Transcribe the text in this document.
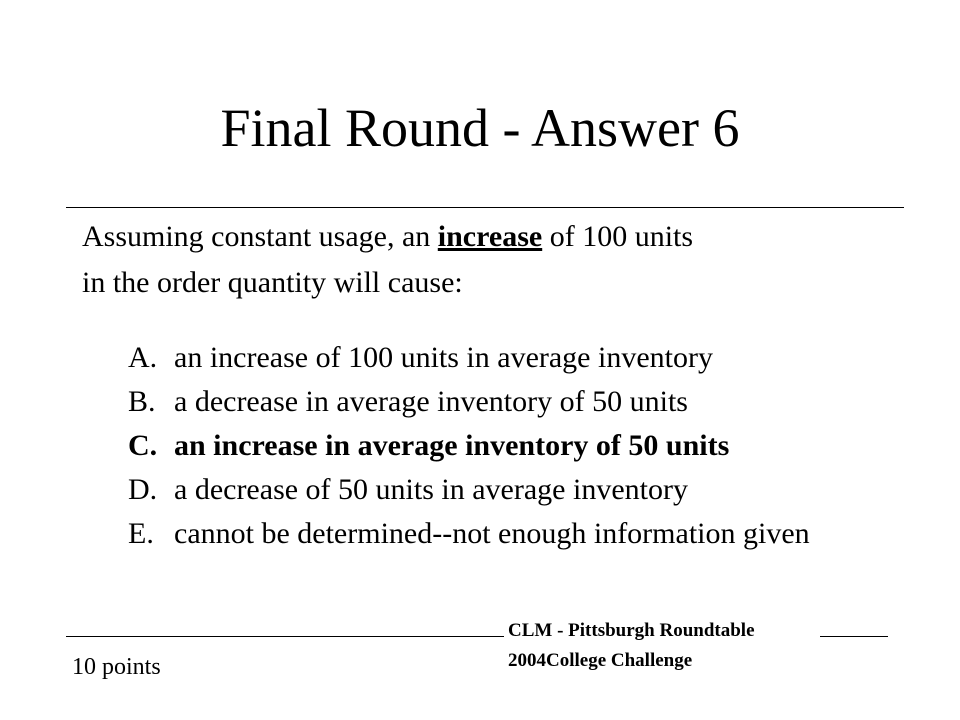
Final Round - Answer 6
Assuming constant usage, an increase of 100 units
in the order quantity will cause:
A. an increase of 100 units in average inventory
B. a decrease in average inventory of 50 units
C. an increase in average inventory of 50 units
D. a decrease of 50 units in average inventory
E. cannot be determined--not enough information given
CLM - Pittsburgh Roundtable
2004College Challenge
10 points
